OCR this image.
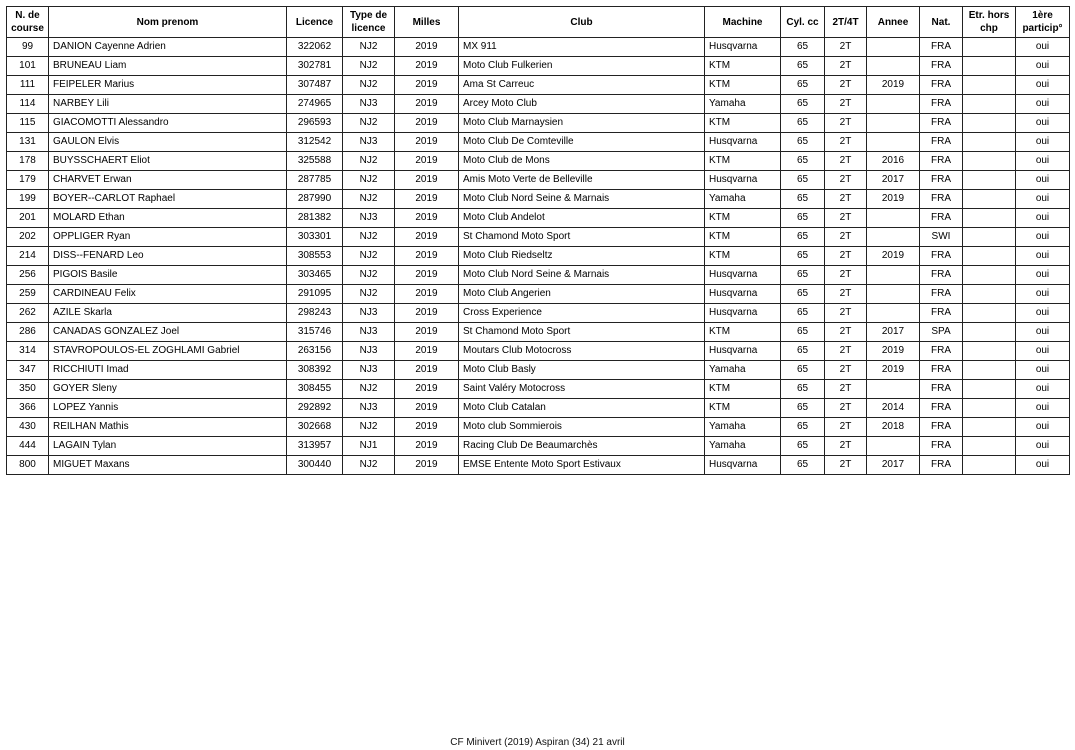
N. de course	Nom prenom	Licence	Type de licence	Milles	Club	Machine	Cyl. cc	2T/4T	Annee	Nat.	Etr. hors chp	1ère particip°
99	DANION Cayenne Adrien	322062	NJ2	2019	MX 911	Husqvarna	65	2T		FRA		oui
101	BRUNEAU Liam	302781	NJ2	2019	Moto Club Fulkerien	KTM	65	2T		FRA		oui
111	FEIPELER Marius	307487	NJ2	2019	Ama St Carreuc	KTM	65	2T	2019	FRA		oui
114	NARBEY Lili	274965	NJ3	2019	Arcey Moto Club	Yamaha	65	2T		FRA		oui
115	GIACOMOTTI Alessandro	296593	NJ2	2019	Moto Club Marnaysien	KTM	65	2T		FRA		oui
131	GAULON Elvis	312542	NJ3	2019	Moto Club De Comteville	Husqvarna	65	2T		FRA		oui
178	BUYSSCHAERT Eliot	325588	NJ2	2019	Moto Club de Mons	KTM	65	2T	2016	FRA		oui
179	CHARVET Erwan	287785	NJ2	2019	Amis Moto Verte de Belleville	Husqvarna	65	2T	2017	FRA		oui
199	BOYER--CARLOT Raphael	287990	NJ2	2019	Moto Club Nord Seine & Marnais	Yamaha	65	2T	2019	FRA		oui
201	MOLARD Ethan	281382	NJ3	2019	Moto Club Andelot	KTM	65	2T		FRA		oui
202	OPPLIGER Ryan	303301	NJ2	2019	St Chamond Moto Sport	KTM	65	2T		SWI		oui
214	DISS--FENARD Leo	308553	NJ2	2019	Moto Club Riedseltz	KTM	65	2T	2019	FRA		oui
256	PIGOIS Basile	303465	NJ2	2019	Moto Club Nord Seine & Marnais	Husqvarna	65	2T		FRA		oui
259	CARDINEAU Felix	291095	NJ2	2019	Moto Club Angerien	Husqvarna	65	2T		FRA		oui
262	AZILE Skarla	298243	NJ3	2019	Cross Experience	Husqvarna	65	2T		FRA		oui
286	CANADAS GONZALEZ Joel	315746	NJ3	2019	St Chamond Moto Sport	KTM	65	2T	2017	SPA		oui
314	STAVROPOULOS-EL ZOGHLAMI Gabriel	263156	NJ3	2019	Moutars Club Motocross	Husqvarna	65	2T	2019	FRA		oui
347	RICCHIUTI Imad	308392	NJ3	2019	Moto Club Basly	Yamaha	65	2T	2019	FRA		oui
350	GOYER Sleny	308455	NJ2	2019	Saint Valéry Motocross	KTM	65	2T		FRA		oui
366	LOPEZ Yannis	292892	NJ3	2019	Moto Club Catalan	KTM	65	2T	2014	FRA		oui
430	REILHAN Mathis	302668	NJ2	2019	Moto club Sommierois	Yamaha	65	2T	2018	FRA		oui
444	LAGAIN Tylan	313957	NJ1	2019	Racing Club De Beaumarchès	Yamaha	65	2T		FRA		oui
800	MIGUET Maxans	300440	NJ2	2019	EMSE Entente Moto Sport Estivaux	Husqvarna	65	2T	2017	FRA		oui
CF Minivert (2019) Aspiran (34) 21 avril
